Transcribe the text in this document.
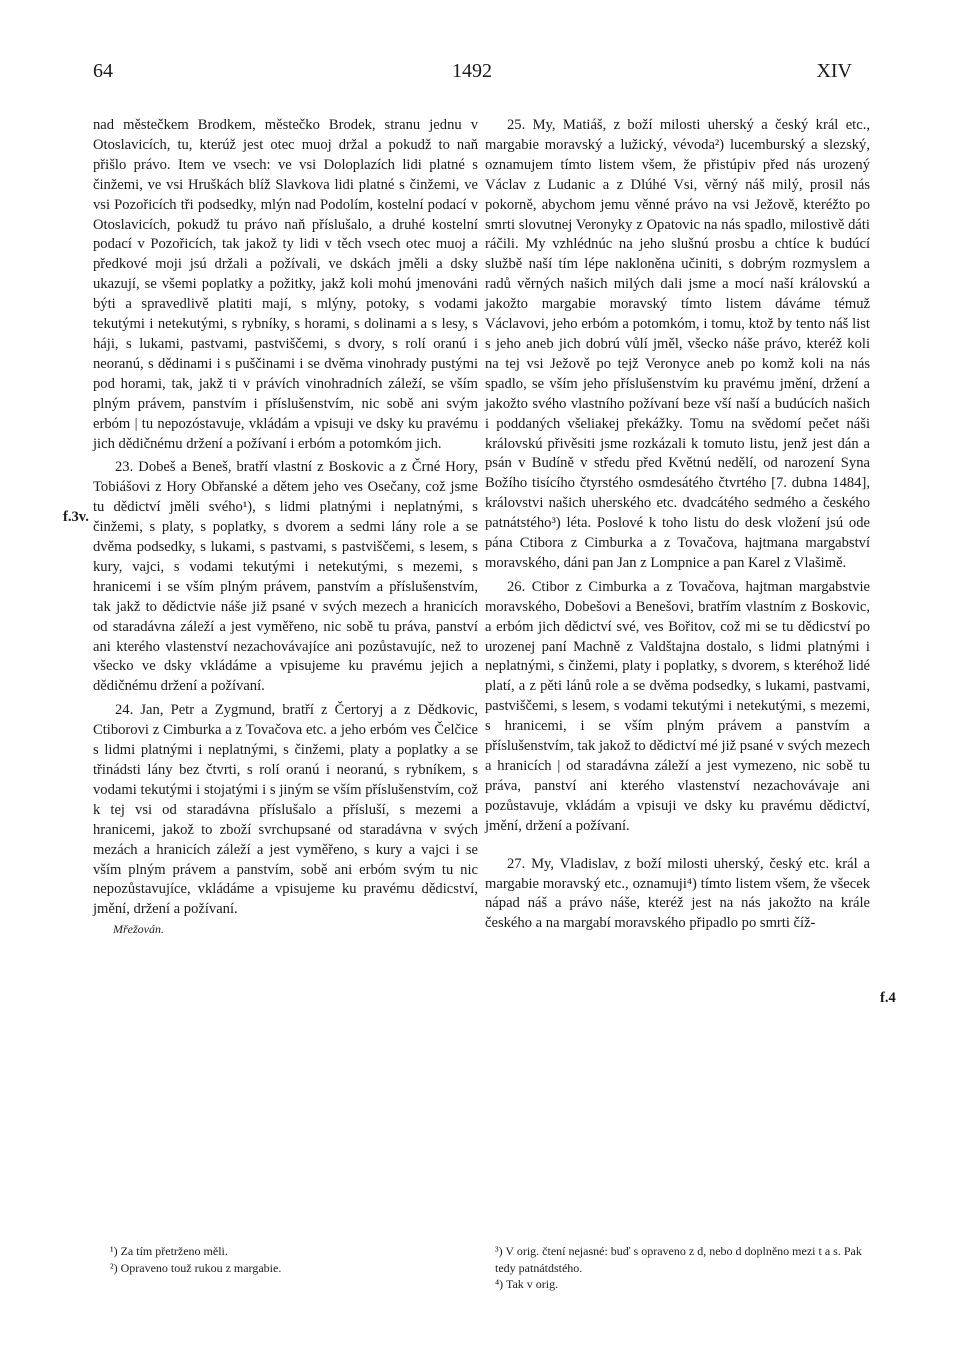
64	1492	XIV
f.3v.
f.4

nad městečkem Brodkem, městečko Brodek, stranu jednu v Otoslavicích, tu, kterúž jest otec muoj držal a pokudž to naň přišlo právo. Item ve vsech: ve vsi Doloplazích lidi platné s činžemi, ve vsi Hruškách blíž Slavkova lidi platné s činžemi, ve vsi Pozořicích tři podsedky, mlýn nad Podolím, kostelní podací v Otoslavicích, pokudž tu právo naň příslušalo, a druhé kostelní podací v Pozořicích, tak jakož ty lidi v těch vsech otec muoj a předkové moji jsú držali a požívali, ve dskách jměli a dsky ukazují, se všemi poplatky a požitky, jakž koli mohú jmenováni býti a spravedlivě platiti mají, s mlýny, potoky, s vodami tekutými i netekutými, s rybníky, s horami, s dolinami a s lesy, s háji, s lukami, pastvami, pastviščemi, s dvory, s rolí oranú i neoranú, s dědinami i s puščinami i se dvěma vinohrady pustými pod horami, tak, jakž ti v právích vinohradních záleží, se vším plným právem, panstvím i příslušenstvím, nic sobě ani svým erbóm | tu nepozóstavuje, vkládám a vpisuji ve dsky ku pravému jich dědičnému držení a požívaní i erbóm a potomkóm jich.

23. Dobeš a Beneš, bratří vlastní z Boskovic a z Črné Hory, Tobiášovi z Hory Obřanské a dětem jeho ves Osečany, což jsme tu dědictví jměli svého¹), s lidmi platnými i neplatnými, s činžemi, s platy, s poplatky, s dvorem a sedmi lány role a se dvěma podsedky, s lukami, s pastvami, s pastviščemi, s lesem, s kury, vajci, s vodami tekutými i netekutými, s mezemi, s hranicemi i se vším plným právem, panstvím a příslušenstvím, tak jakž to dědictvie náše již psané v svých mezech a hranicích od staradávna záleží a jest vyměřeno, nic sobě tu práva, panství ani kterého vlastenství nezachovávajíce ani pozůstavujíc, než to všecko ve dsky vkládáme a vpisujeme ku pravému jejich a dědičnému držení a požívaní.

24. Jan, Petr a Zygmund, bratří z Čertoryj a z Dědkovic, Ctiborovi z Cimburka a z Tovačova etc. a jeho erbóm ves Čelčice s lidmi platnými i neplatnými, s činžemi, platy a poplatky a se třinádsti lány bez čtvrti, s rolí oranú i neoranú, s rybníkem, s vodami tekutými i stojatými i s jiným se vším příslušenstvím, což k tej vsi od staradávna příslušalo a přísluší, s mezemi a hranicemi, jakož to zboží svrchupsané od staradávna v svých mezách a hranicích záleží a jest vyměřeno, s kury a vajci i se vším plným právem a panstvím, sobě ani erbóm svým tu nic nepozůstavujíce, vkládáme a vpisujeme ku pravému dědicství, jmění, držení a požívaní.

Mřežován.

25. My, Matiáš, z boží milosti uherský a český král etc., margabie moravský a lužický, vévoda²) lucemburský a slezský, oznamujem tímto listem všem, že přistúpiv před nás urozený Václav z Ludanic a z Dlúhé Vsi, věrný náš milý, prosil nás pokorně, abychom jemu věnné právo na vsi Ježově, kteréžto po smrti slovutnej Veronyky z Opatovic na nás spadlo, milostivě dáti ráčili. My vzhlédnúc na jeho slušnú prosbu a chtíce k budúcí službě naší tím lépe nakloněna učiniti, s dobrým rozmyslem a radů věrných našich milých dali jsme a mocí naší královskú a jakožto margabie moravský tímto listem dáváme témuž Václavovi, jeho erbóm a potomkóm, i tomu, ktož by tento náš list s jeho aneb jich dobrú vůlí jměl, všecko náše právo, kteréž koli na tej vsi Ježově po tejž Veronyce aneb po komž koli na nás spadlo, se vším jeho příslušenstvím ku pravému jmění, držení a jakožto svého vlastního požívaní beze vší naší a budúcích našich i poddaných všeliakej překážky. Tomu na svědomí pečet náši královskú přivěsiti jsme rozkázali k tomuto listu, jenž jest dán a psán v Budíně v středu před Květnú nedělí, od narození Syna Božího tisícího čtyrstého osmdesátého čtvrtého [7. dubna 1484], královstvi našich uherského etc. dvadcátého sedmého a českého patnátstého³) léta. Poslové k toho listu do desk vložení jsú ode pána Ctibora z Cimburka a z Tovačova, hajtmana margabství moravského, dáni pan Jan z Lompnice a pan Karel z Vlašimě.

26. Ctibor z Cimburka a z Tovačova, hajtman margabstvie moravského, Dobešovi a Benešovi, bratřím vlastním z Boskovic, a erbóm jich dědictví své, ves Bořitov, což mi se tu dědicství po urozenej paní Machně z Valdštajna dostalo, s lidmi platnými i neplatnými, s činžemi, platy i poplatky, s dvorem, s kteréhož lidé platí, a z pěti lánů role a se dvěma podsedky, s lukami, pastvami, pastviščemi, s lesem, s vodami tekutými i netekutými, s mezemi, s hranicemi, i se vším plným právem a panstvím a příslušenstvím, tak jakož to dědictví mé již psané v svých mezech a hranicích | od staradávna záleží a jest vymezeno, nic sobě tu práva, panství ani kterého vlastenství nezachovávaje ani pozůstavuje, vkládám a vpisuji ve dsky ku pravému dědictví, jmění, držení a požívaní.

27. My, Vladislav, z boží milosti uherský, český etc. král a margabie moravský etc., oznamuji⁴) tímto listem všem, že všecek nápad náš a právo náše, kteréž jest na nás jakožto na krále českého a na margabí moravského připadlo po smrti číž-

¹) Za tím přetrženo měli.

²) Opraveno touž rukou z margabie.

³) V orig. čtení nejasné: buď s opraveno z d, nebo d doplněno mezi t a s. Pak tedy patnátdstého.

⁴) Tak v orig.
